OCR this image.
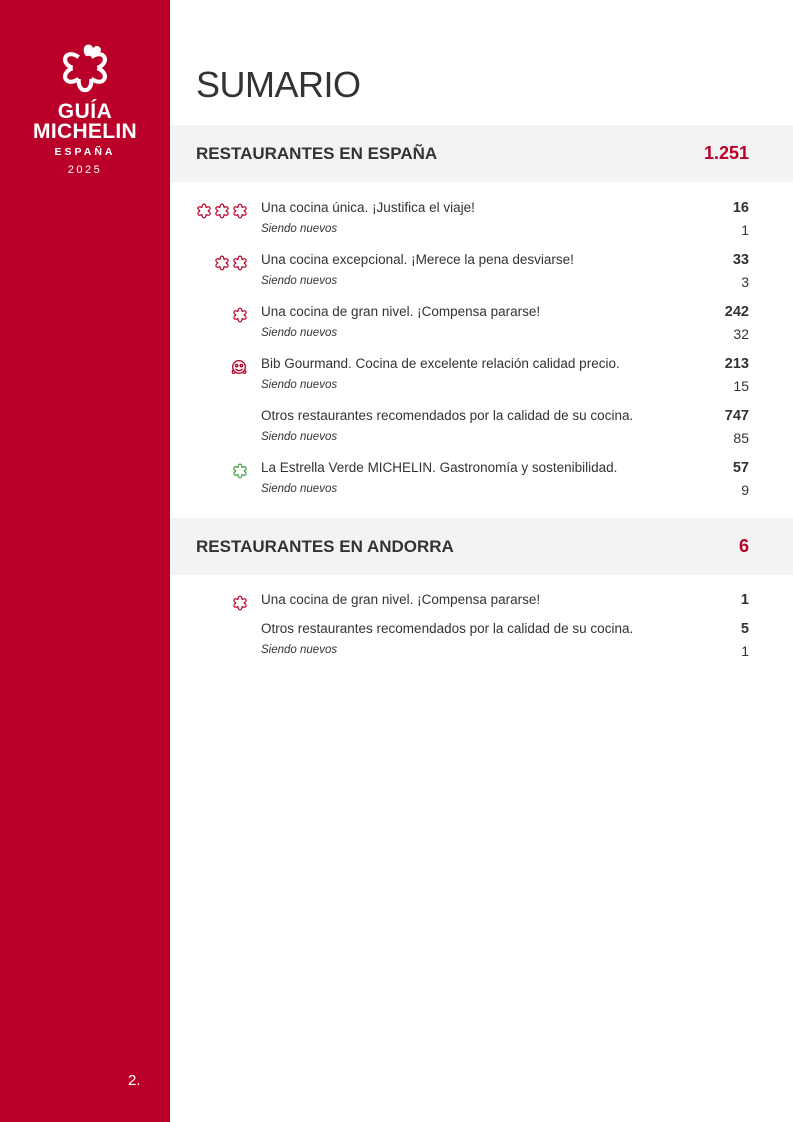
GUÍA
MICHELIN
ESPAÑA
2025
2.
SUMARIO
RESTAURANTES EN ESPAÑA	1.251
Una cocina única. ¡Justifica el viaje!	16
Siendo nuevos	1
Una cocina excepcional. ¡Merece la pena desviarse!	33
Siendo nuevos	3
Una cocina de gran nivel. ¡Compensa pararse!	242
Siendo nuevos	32
Bib Gourmand. Cocina de excelente relación calidad precio.	213
Siendo nuevos	15
Otros restaurantes recomendados por la calidad de su cocina.	747
Siendo nuevos	85
La Estrella Verde MICHELIN. Gastronomía y sostenibilidad.	57
Siendo nuevos	9
RESTAURANTES EN ANDORRA	6
Una cocina de gran nivel. ¡Compensa pararse!	1
Otros restaurantes recomendados por la calidad de su cocina.	5
Siendo nuevos	1
